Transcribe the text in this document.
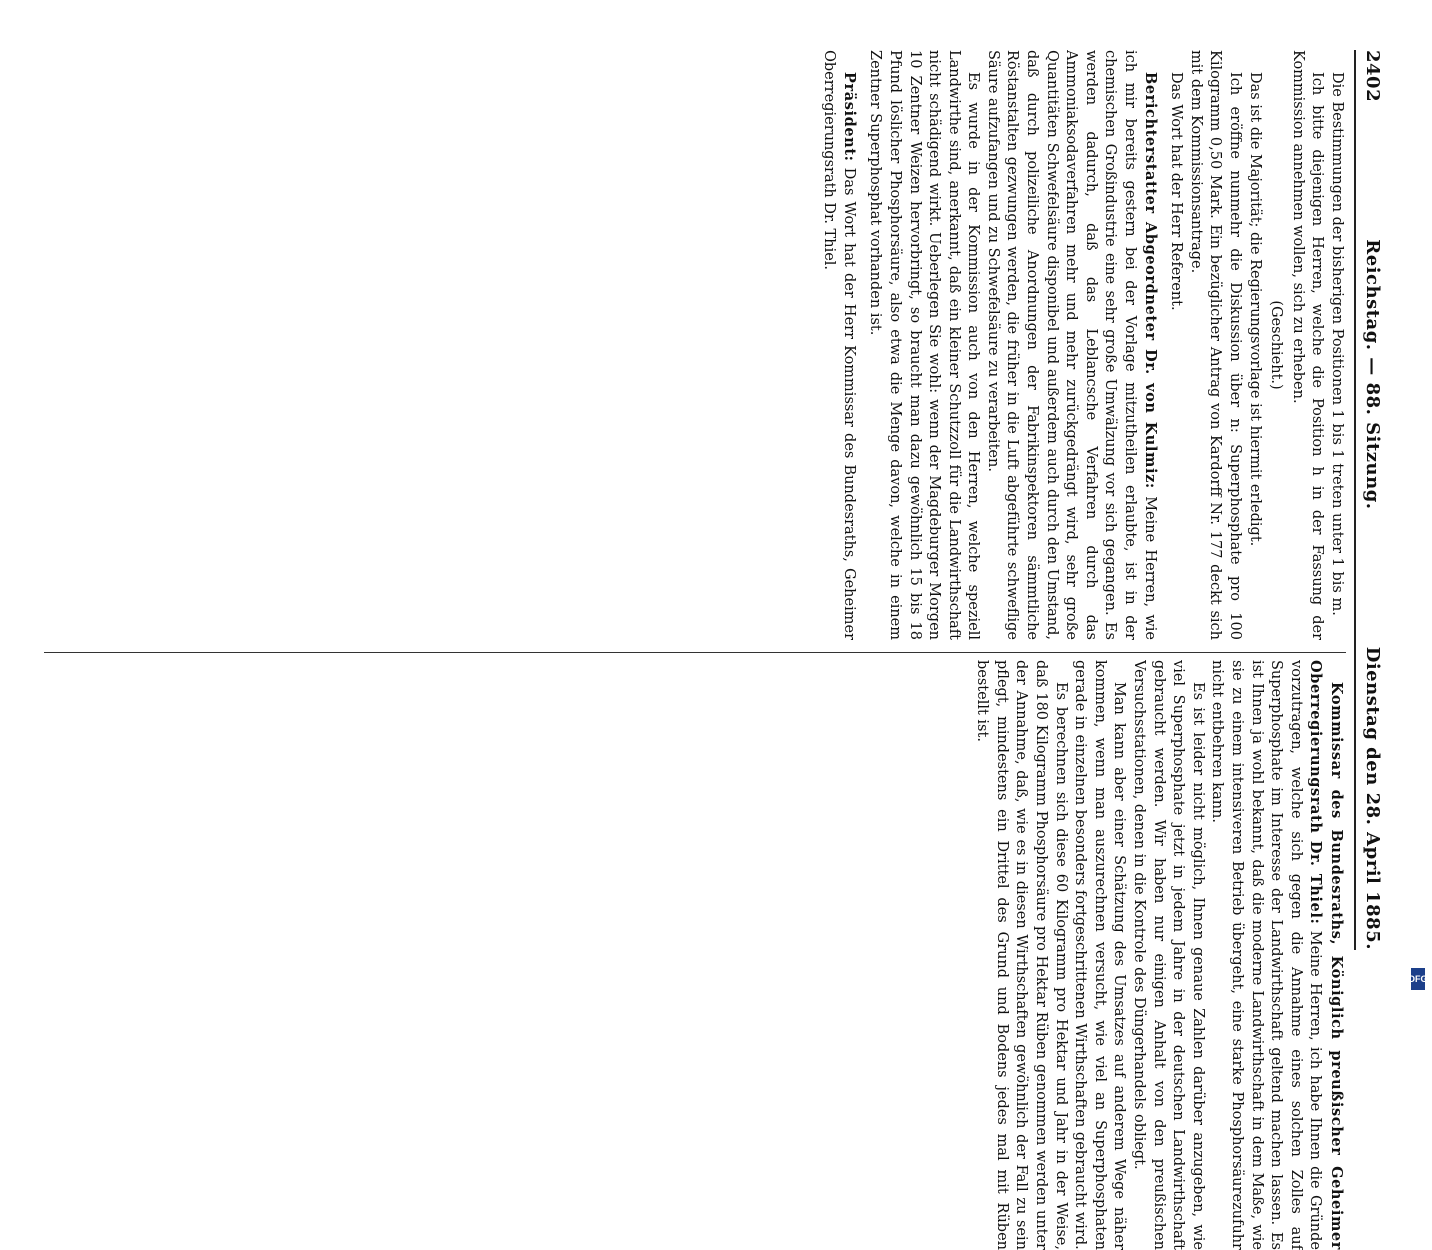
2402
Reichstag. — 88. Sitzung.
Dienstag den 28. April 1885.

Die Bestimmungen der bisherigen Positionen 1 bis 1 treten unter 1 bis m.

Ich bitte diejenigen Herren, welche die Position h in der Fassung der Kommission annehmen wollen, sich zu erheben.

(Geschieht.)

Das ist die Majorität; die Regierungsvorlage ist hiermit erledigt.

Ich eröffne nunmehr die Diskussion über n: Superphosphate pro 100 Kilogramm 0,50 Mark. Ein bezüglicher Antrag von Kardorff Nr. 177 deckt sich mit dem Kommissionsantrage.

Das Wort hat der Herr Referent.

Berichterstatter Abgeordneter Dr. von Kulmiz: Meine Herren, wie ich mir bereits gestern bei der Vorlage mitzutheilen erlaubte, ist in der chemischen Großindustrie eine sehr große Umwälzung vor sich gegangen. Es werden dadurch, daß das Leblancsche Verfahren durch das Ammoniaksodaverfahren mehr und mehr zurückgedrängt wird, sehr große Quantitäten Schwefelsäure disponibel und außerdem auch durch den Umstand, daß durch polizeiliche Anordnungen der Fabrikinspektoren sämmtliche Röstanstalten gezwungen werden, die früher in die Luft abgeführte schweflige Säure aufzufangen und zu Schwefelsäure zu verarbeiten.

Es wurde in der Kommission auch von den Herren, welche speziell Landwirthe sind, anerkannt, daß ein kleiner Schutzzoll für die Landwirthschaft nicht schädigend wirkt. Ueberlegen Sie wohl: wenn der Magdeburger Morgen 10 Zentner Weizen hervorbringt, so braucht man dazu gewöhnlich 15 bis 18 Pfund löslicher Phosphorsäure, also etwa die Menge davon, welche in einem Zentner Superphosphat vorhanden ist.

Präsident: Das Wort hat der Herr Kommissar des Bundesraths, Geheimer Oberregierungsrath Dr. Thiel.

Kommissar des Bundesraths, Königlich preußischer Geheimer Oberregierungsrath Dr. Thiel: Meine Herren, ich habe Ihnen die Gründe vorzutragen, welche sich gegen die Annahme eines solchen Zolles auf Superphosphate im Interesse der Landwirthschaft geltend machen lassen. Es ist Ihnen ja wohl bekannt, daß die moderne Landwirthschaft in dem Maße, wie sie zu einem intensiveren Betrieb übergeht, eine starke Phosphorsäurezufuhr nicht entbehren kann.

Es ist leider nicht möglich, Ihnen genaue Zahlen darüber anzugeben, wie viel Superphosphate jetzt in jedem Jahre in der deutschen Landwirthschaft gebraucht werden. Wir haben nur einigen Anhalt von den preußischen Versuchsstationen, denen in die Kontrole des Düngerhandels obliegt.

Man kann aber einer Schätzung des Umsatzes auf anderem Wege näher kommen, wenn man auszurechnen versucht, wie viel an Superphosphaten gerade in einzelnen besonders fortgeschrittenen Wirthschaften gebraucht wird.

Es berechnen sich diese 60 Kilogramm pro Hektar und Jahr in der Weise, daß 180 Kilogramm Phosphorsäure pro Hektar Rüben genommen werden unter der Annahme, daß, wie es in diesen Wirthschaften gewöhnlich der Fall zu sein pflegt, mindestens ein Drittel des Grund und Bodens jedes mal mit Rüben bestellt ist.

DFG
